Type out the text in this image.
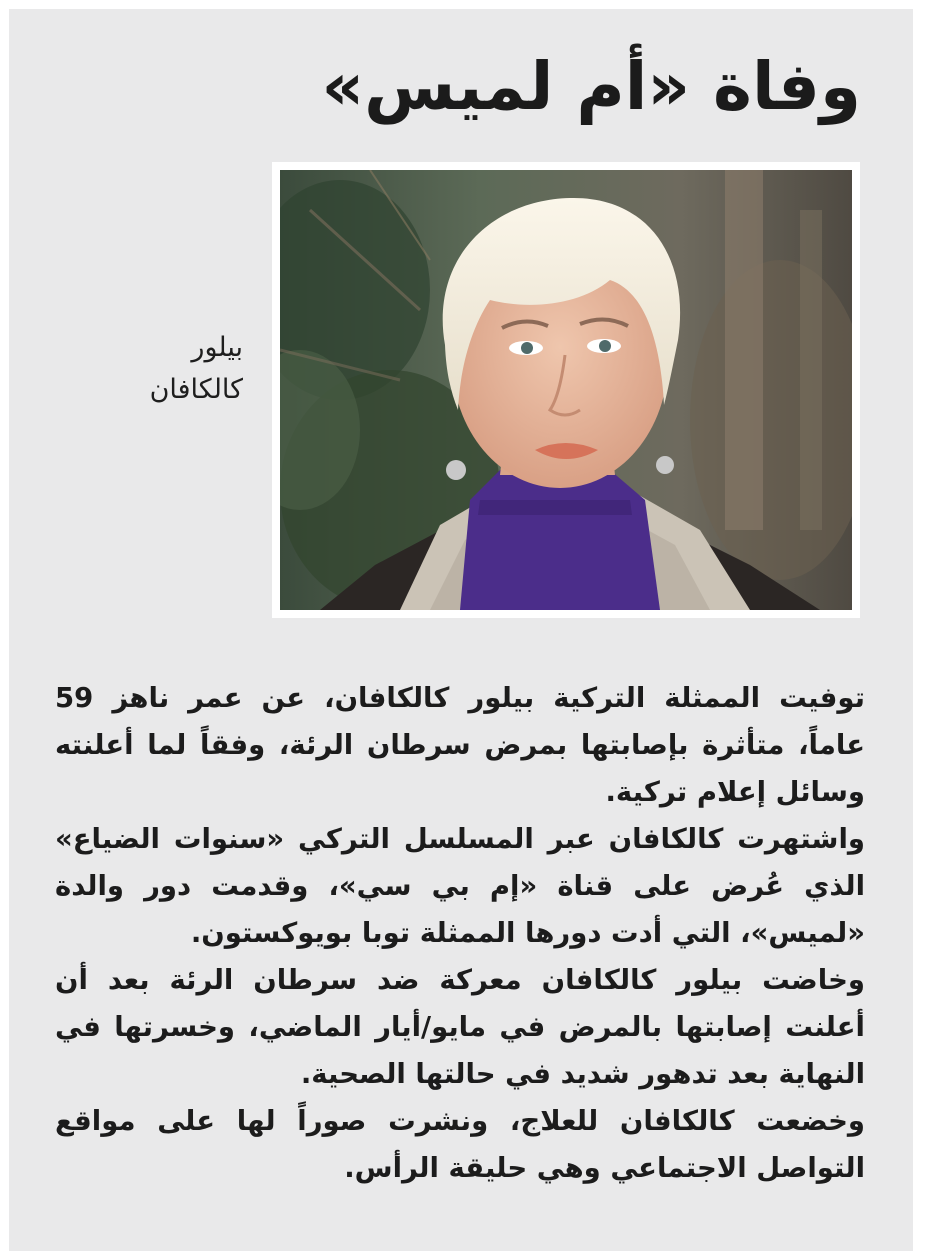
وفاة «أم لميس»

بيلور
كالكافان

توفيت الممثلة التركية بيلور كالكافان، عن عمر ناهز 59 عاماً، متأثرة بإصابتها بمرض سرطان الرئة، وفقاً لما أعلنته وسائل إعلام تركية.

واشتهرت كالكافان عبر المسلسل التركي «سنوات الضياع» الذي عُرض على قناة «إم بي سي»، وقدمت دور والدة «لميس»، التي أدت دورها الممثلة توبا بويوكستون.

وخاضت بيلور كالكافان معركة ضد سرطان الرئة بعد أن أعلنت إصابتها بالمرض في مايو/أيار الماضي، وخسرتها في النهاية بعد تدهور شديد في حالتها الصحية.

وخضعت كالكافان للعلاج، ونشرت صوراً لها على مواقع التواصل الاجتماعي وهي حليقة الرأس.
